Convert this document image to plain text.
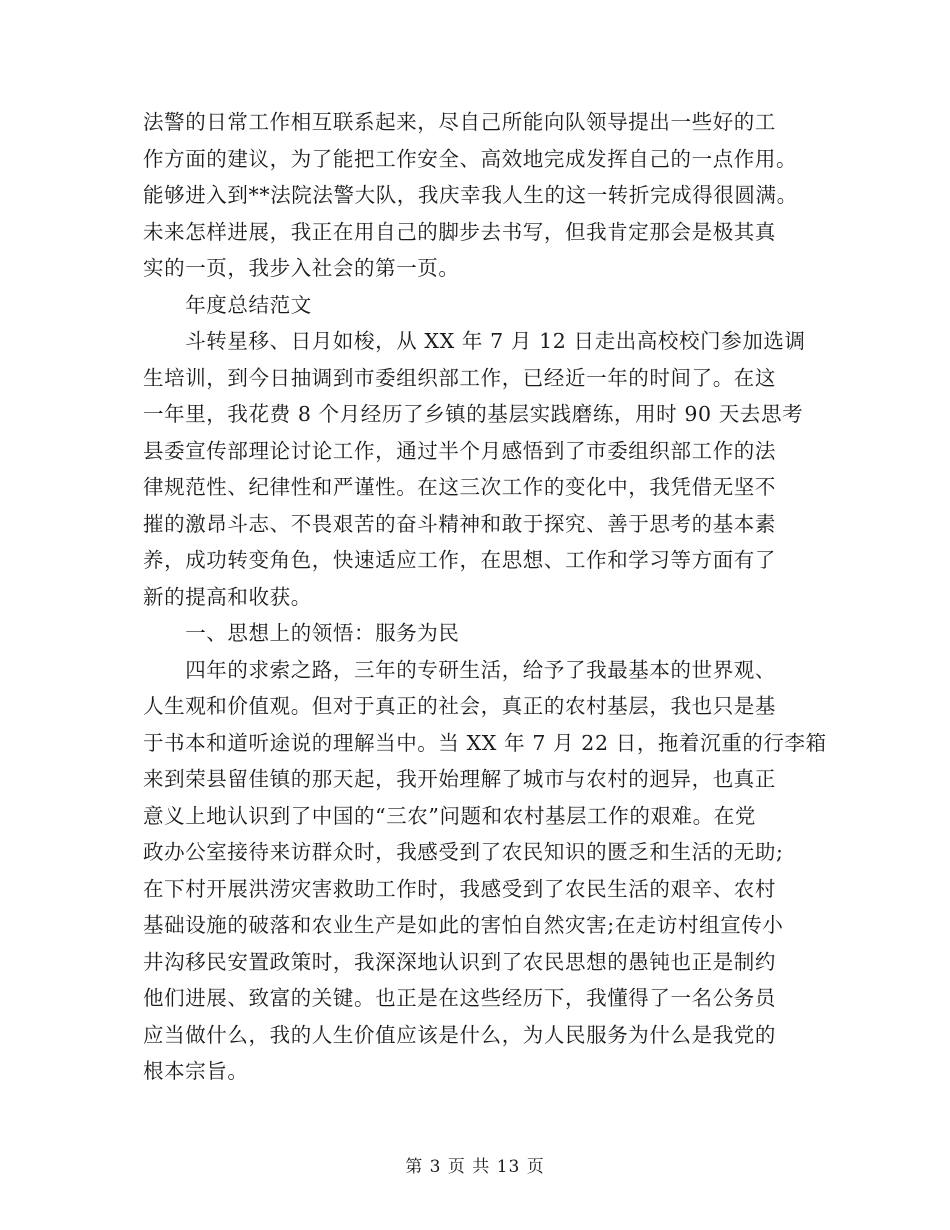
法警的日常工作相互联系起来，尽自己所能向队领导提出一些好的工
作方面的建议，为了能把工作安全、高效地完成发挥自己的一点作用。
能够进入到**法院法警大队，我庆幸我人生的这一转折完成得很圆满。
未来怎样进展，我正在用自己的脚步去书写，但我肯定那会是极其真
实的一页，我步入社会的第一页。
　　年度总结范文
　　斗转星移、日月如梭，从 XX 年 7 月 12 日走出高校校门参加选调
生培训，到今日抽调到市委组织部工作，已经近一年的时间了。在这
一年里，我花费 8 个月经历了乡镇的基层实践磨练，用时 90 天去思考
县委宣传部理论讨论工作，通过半个月感悟到了市委组织部工作的法
律规范性、纪律性和严谨性。在这三次工作的变化中，我凭借无坚不
摧的激昂斗志、不畏艰苦的奋斗精神和敢于探究、善于思考的基本素
养，成功转变角色，快速适应工作，在思想、工作和学习等方面有了
新的提高和收获。
　　一、思想上的领悟：服务为民
　　四年的求索之路，三年的专研生活，给予了我最基本的世界观、
人生观和价值观。但对于真正的社会，真正的农村基层，我也只是基
于书本和道听途说的理解当中。当 XX 年 7 月 22 日，拖着沉重的行李箱
来到荣县留佳镇的那天起，我开始理解了城市与农村的迥异，也真正
意义上地认识到了中国的“三农”问题和农村基层工作的艰难。在党
政办公室接待来访群众时，我感受到了农民知识的匮乏和生活的无助;
在下村开展洪涝灾害救助工作时，我感受到了农民生活的艰辛、农村
基础设施的破落和农业生产是如此的害怕自然灾害;在走访村组宣传小
井沟移民安置政策时，我深深地认识到了农民思想的愚钝也正是制约
他们进展、致富的关键。也正是在这些经历下，我懂得了一名公务员
应当做什么，我的人生价值应该是什么，为人民服务为什么是我党的
根本宗旨。
第 3 页 共 13 页
